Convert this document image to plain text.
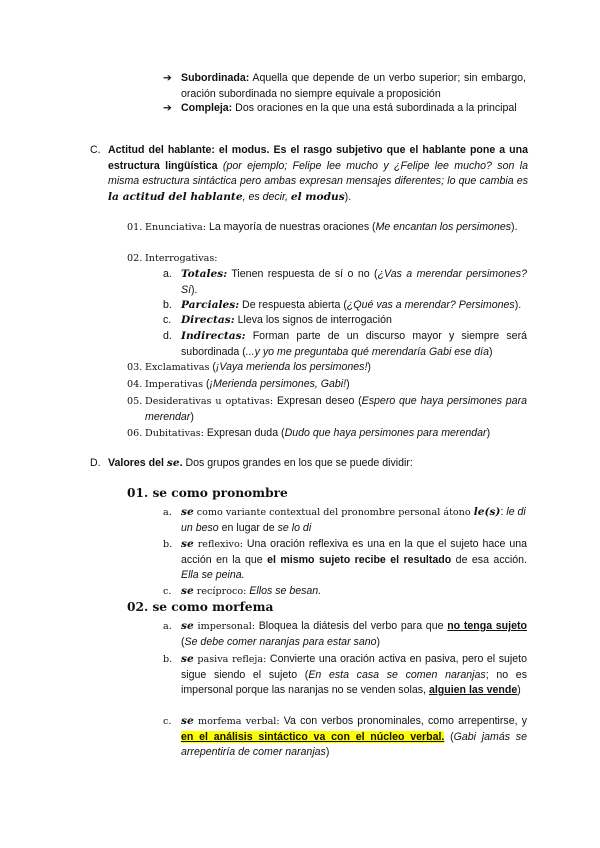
➔ Subordinada: Aquella que depende de un verbo superior; sin embargo, oración subordinada no siempre equivale a proposición
➔ Compleja: Dos oraciones en la que una está subordinada a la principal
C. Actitud del hablante: el modus. Es el rasgo subjetivo que el hablante pone a una estructura lingüística (por ejemplo; Felipe lee mucho y ¿Felipe lee mucho? son la misma estructura sintáctica pero ambas expresan mensajes diferentes; lo que cambia es la actitud del hablante, es decir, el modus).
01. Enunciativa: La mayoría de nuestras oraciones (Me encantan los persimones).
02. Interrogativas:
a. Totales: Tienen respuesta de sí o no (¿Vas a merendar persimones? Sí).
b. Parciales: De respuesta abierta (¿Qué vas a merendar? Persimones).
c. Directas: Lleva los signos de interrogación
d. Indirectas: Forman parte de un discurso mayor y siempre será subordinada (...y yo me preguntaba qué merendaría Gabi ese día)
03. Exclamativas (¡Vaya merienda los persimones!)
04. Imperativas (¡Merienda persimones, Gabi!)
05. Desiderativas u optativas: Expresan deseo (Espero que haya persimones para merendar)
06. Dubitativas: Expresan duda (Dudo que haya persimones para merendar)
D. Valores del se. Dos grupos grandes en los que se puede dividir:
01. se como pronombre
a. se como variante contextual del pronombre personal átono le(s): le di un beso en lugar de se lo di
b. se reflexivo: Una oración reflexiva es una en la que el sujeto hace una acción en la que el mismo sujeto recibe el resultado de esa acción. Ella se peina.
c. se recíproco: Ellos se besan.
02. se como morfema
a. se impersonal: Bloquea la diátesis del verbo para que no tenga sujeto (Se debe comer naranjas para estar sano)
b. se pasiva refleja: Convierte una oración activa en pasiva, pero el sujeto sigue siendo el sujeto (En esta casa se comen naranjas; no es impersonal porque las naranjas no se venden solas, alguien las vende)
c. se morfema verbal: Va con verbos pronominales, como arrepentirse, y en el análisis sintáctico va con el núcleo verbal. (Gabi jamás se arrepentiría de comer naranjas)
